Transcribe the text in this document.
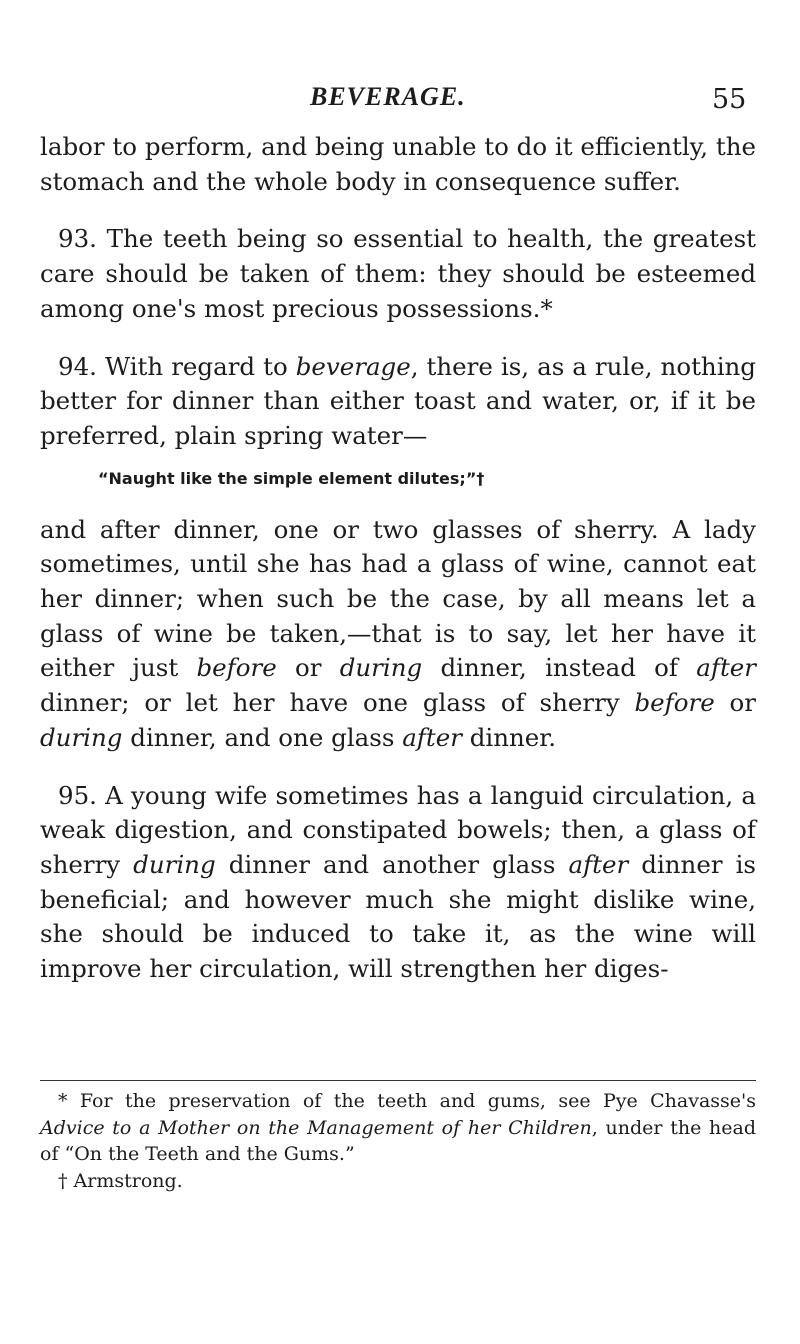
BEVERAGE.	55

labor to perform, and being unable to do it efficiently, the stomach and the whole body in consequence suffer.

93. The teeth being so essential to health, the greatest care should be taken of them: they should be esteemed among one's most precious possessions.*

94. With regard to beverage, there is, as a rule, nothing better for dinner than either toast and water, or, if it be preferred, plain spring water—

“Naught like the simple element dilutes;”†

and after dinner, one or two glasses of sherry. A lady sometimes, until she has had a glass of wine, cannot eat her dinner; when such be the case, by all means let a glass of wine be taken,—that is to say, let her have it either just before or during dinner, instead of after dinner; or let her have one glass of sherry before or during dinner, and one glass after dinner.

95. A young wife sometimes has a languid circulation, a weak digestion, and constipated bowels; then, a glass of sherry during dinner and another glass after dinner is beneficial; and however much she might dislike wine, she should be induced to take it, as the wine will improve her circulation, will strengthen her diges-

* For the preservation of the teeth and gums, see Pye Chavasse's Advice to a Mother on the Management of her Children, under the head of “On the Teeth and the Gums.”

† Armstrong.
